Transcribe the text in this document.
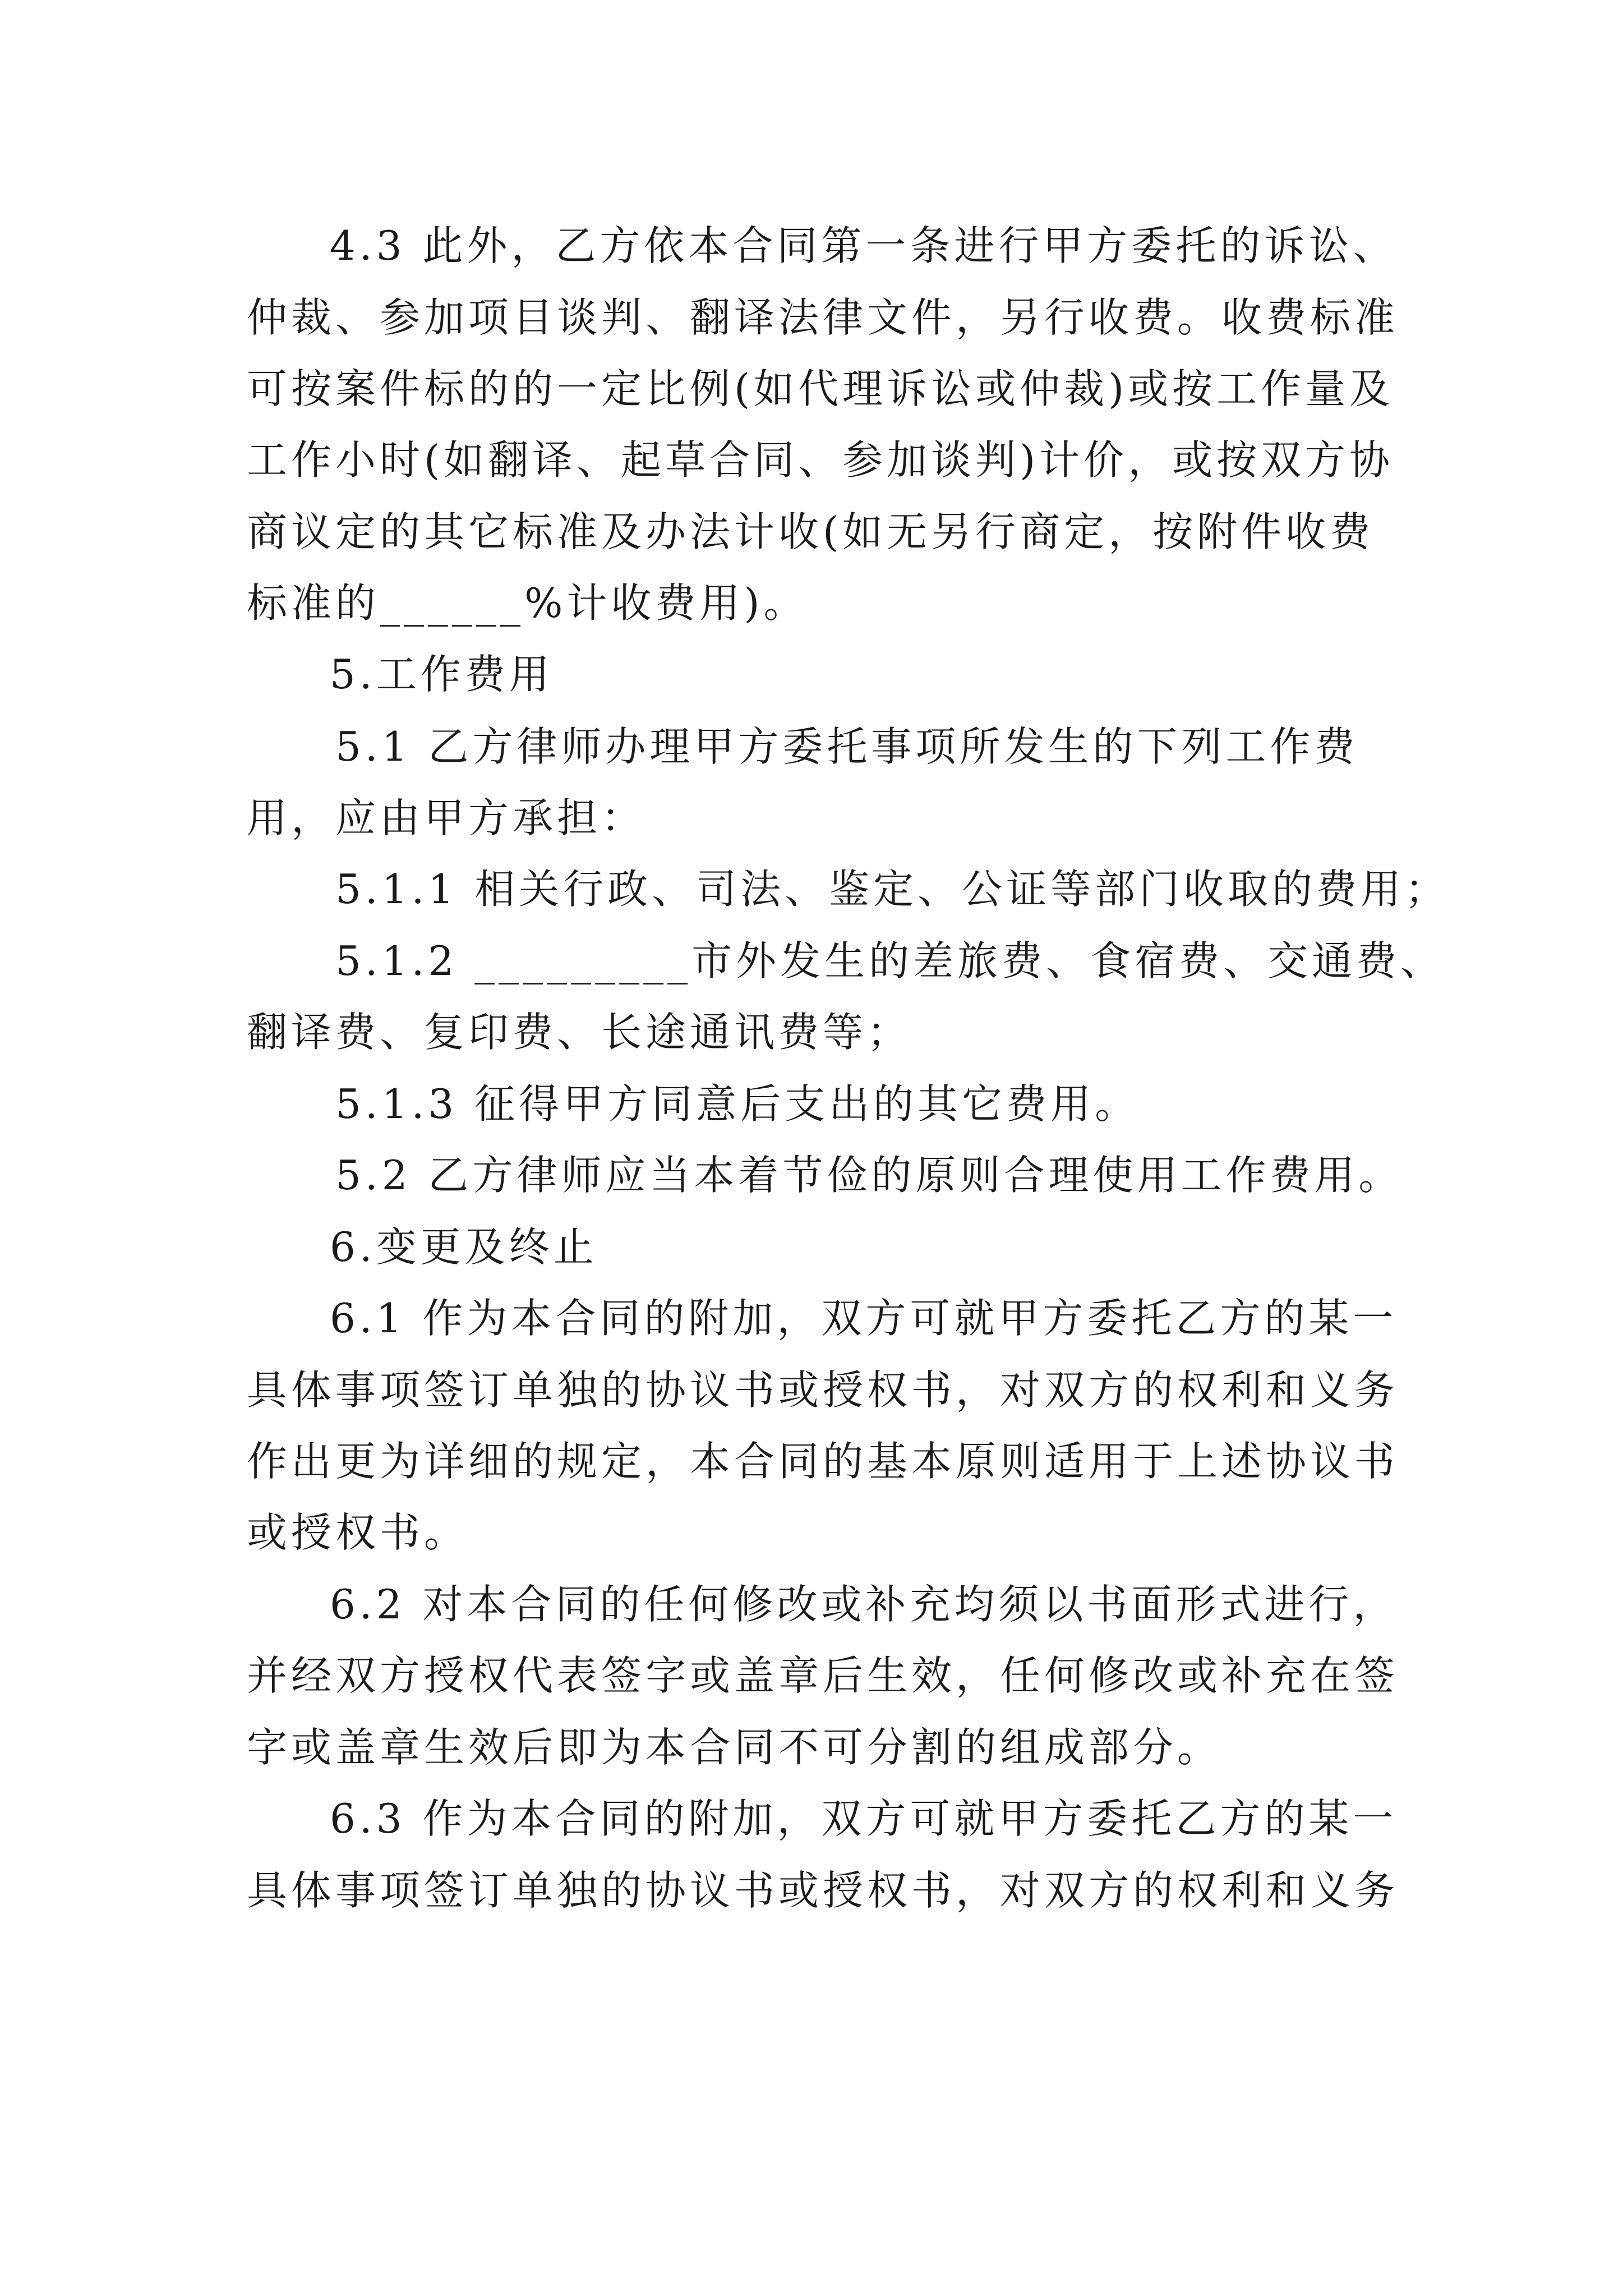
4.3 此外，乙方依本合同第一条进行甲方委托的诉讼、
仲裁、参加项目谈判、翻译法律文件，另行收费。收费标准
可按案件标的的一定比例(如代理诉讼或仲裁)或按工作量及
工作小时(如翻译、起草合同、参加谈判)计价，或按双方协
商议定的其它标准及办法计收(如无另行商定，按附件收费
标准的______%计收费用)。
5.工作费用
5.1 乙方律师办理甲方委托事项所发生的下列工作费
用，应由甲方承担：
5.1.1 相关行政、司法、鉴定、公证等部门收取的费用；
5.1.2 _________市外发生的差旅费、食宿费、交通费、
翻译费、复印费、长途通讯费等；
5.1.3 征得甲方同意后支出的其它费用。
5.2 乙方律师应当本着节俭的原则合理使用工作费用。
6.变更及终止
6.1 作为本合同的附加，双方可就甲方委托乙方的某一
具体事项签订单独的协议书或授权书，对双方的权利和义务
作出更为详细的规定，本合同的基本原则适用于上述协议书
或授权书。
6.2 对本合同的任何修改或补充均须以书面形式进行，
并经双方授权代表签字或盖章后生效，任何修改或补充在签
字或盖章生效后即为本合同不可分割的组成部分。
6.3 作为本合同的附加，双方可就甲方委托乙方的某一
具体事项签订单独的协议书或授权书，对双方的权利和义务
